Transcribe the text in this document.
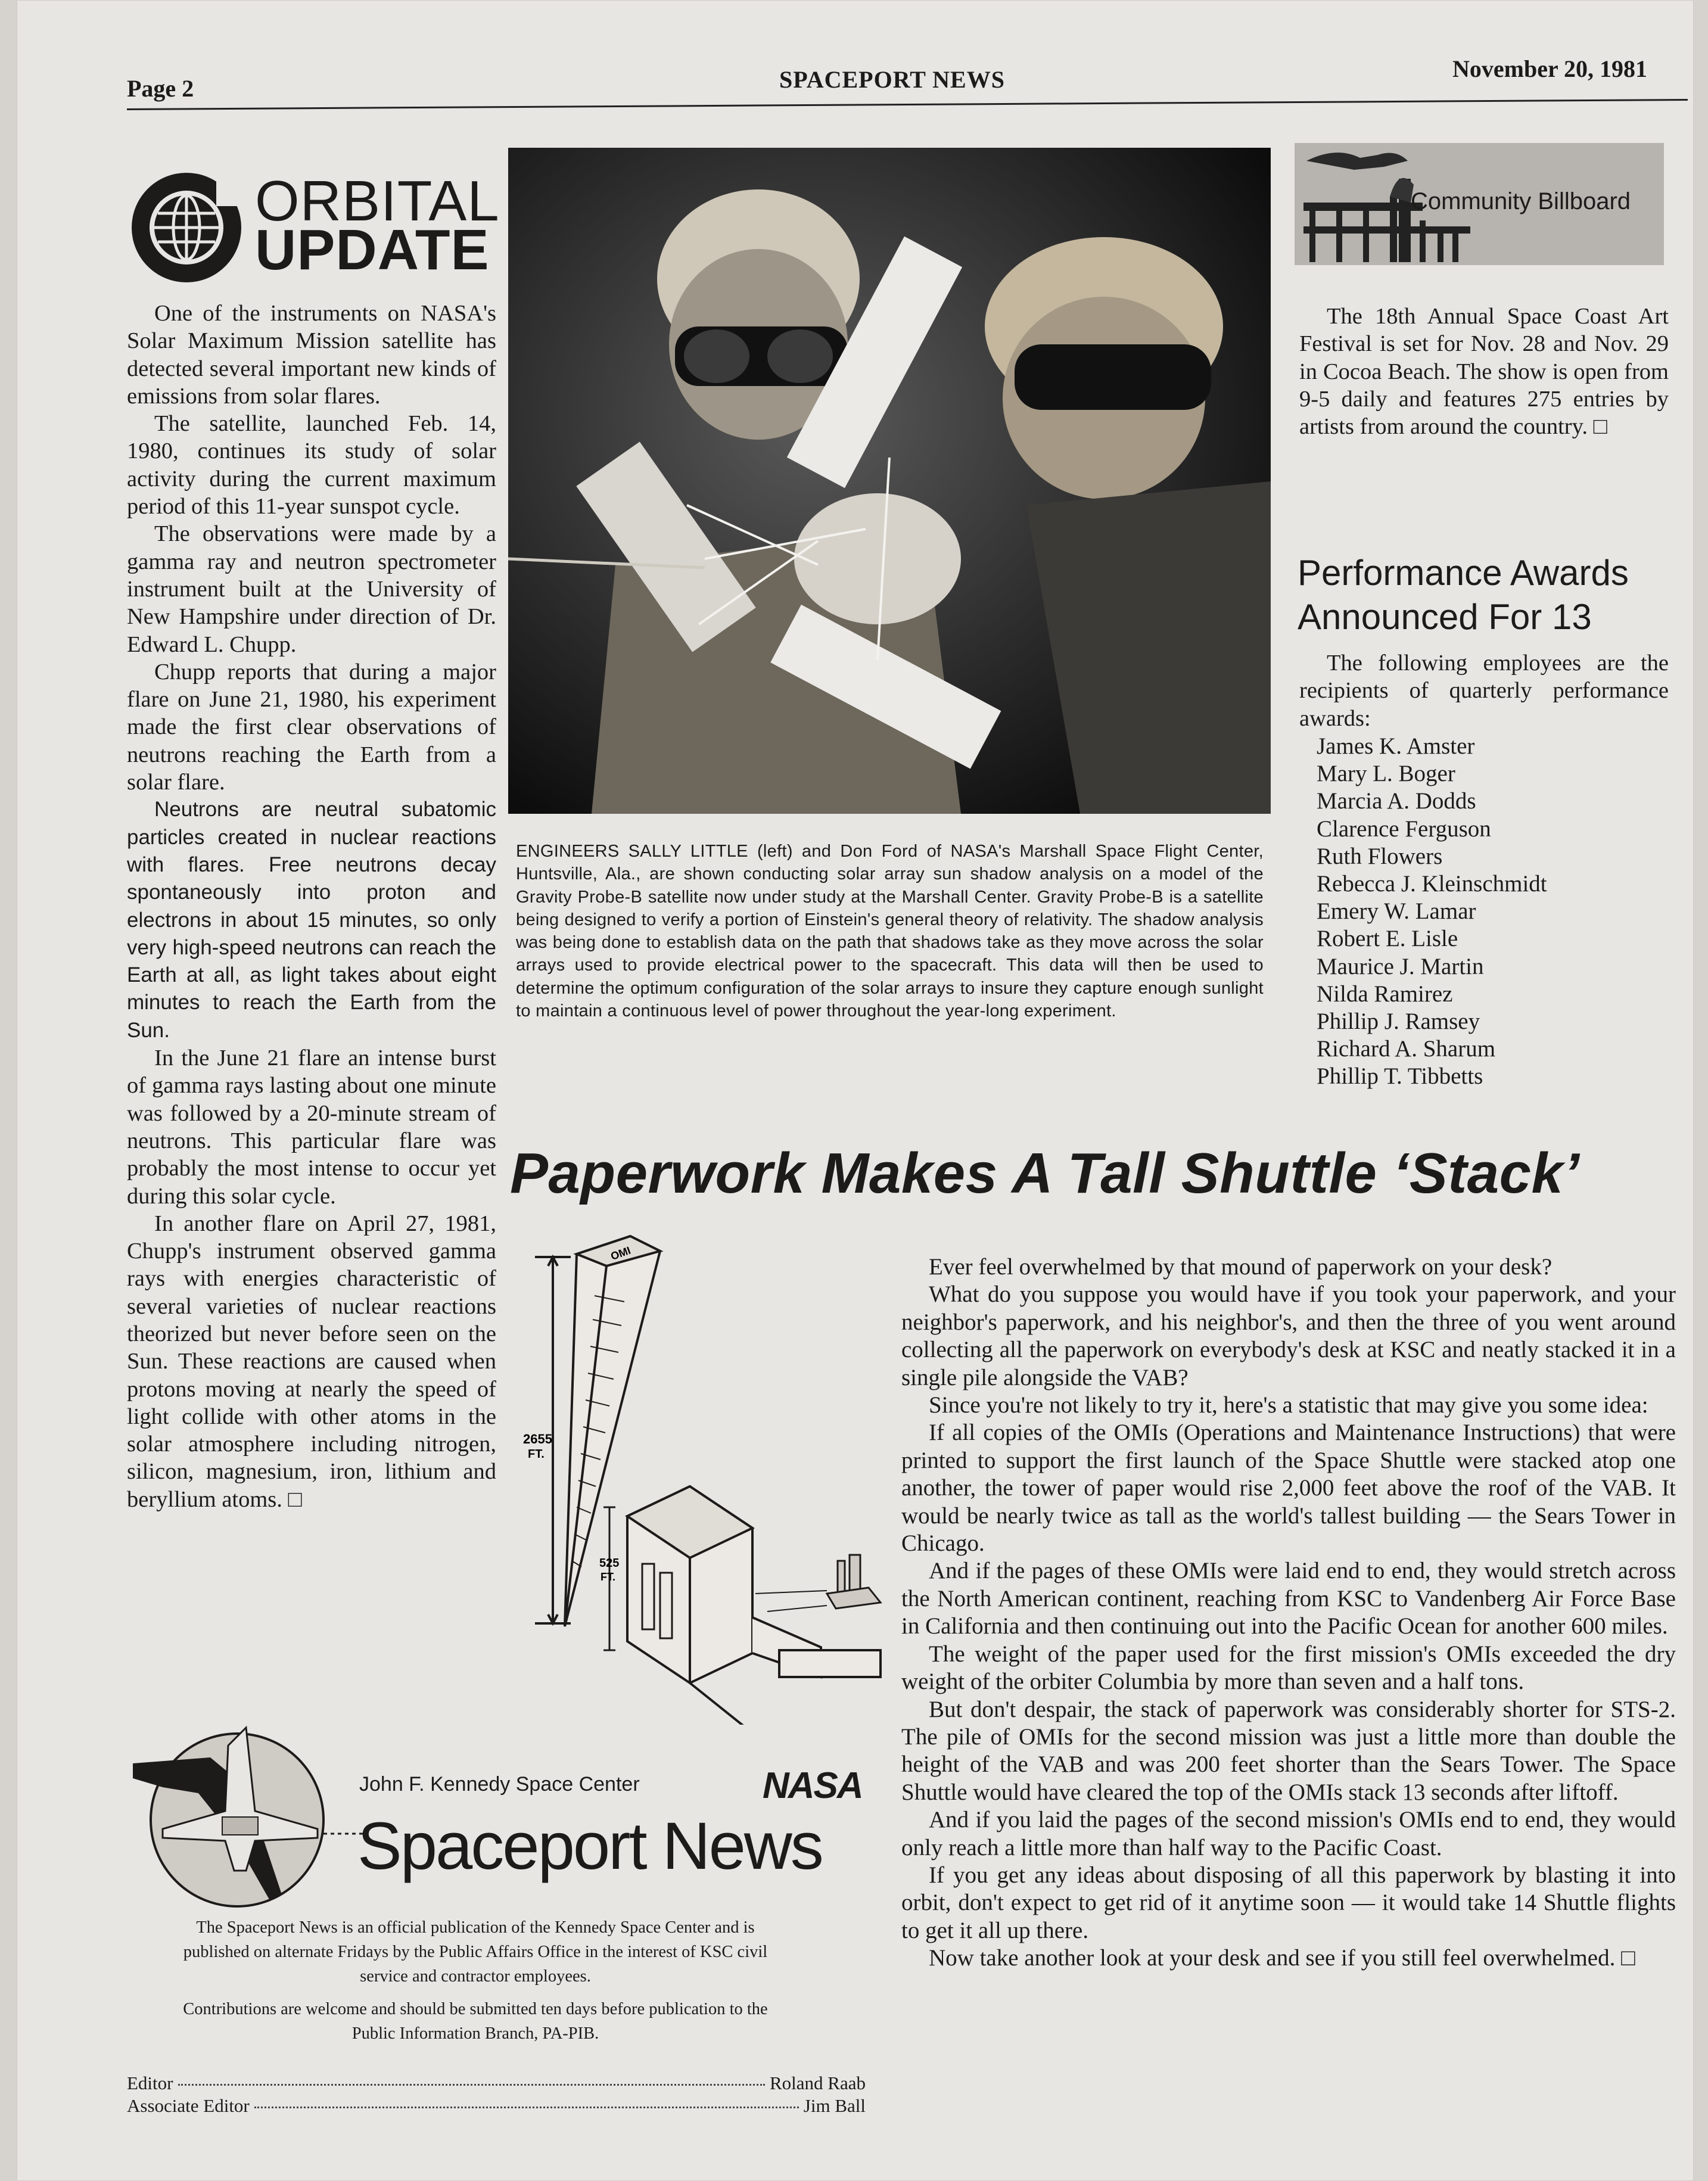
Page 2	SPACEPORT NEWS	November 20, 1981
ORBITAL
UPDATE

One of the instruments on NASA's Solar Maximum Mission satellite has detected several important new kinds of emissions from solar flares.

The satellite, launched Feb. 14, 1980, continues its study of solar activity during the current maximum period of this 11-year sunspot cycle.

The observations were made by a gamma ray and neutron spectrometer instrument built at the University of New Hampshire under direction of Dr. Edward L. Chupp.

Chupp reports that during a major flare on June 21, 1980, his experiment made the first clear observations of neutrons reaching the Earth from a solar flare.

Neutrons are neutral subatomic particles created in nuclear reactions with flares. Free neutrons decay spontaneously into proton and electrons in about 15 minutes, so only very high-speed neutrons can reach the Earth at all, as light takes about eight minutes to reach the Earth from the Sun.

In the June 21 flare an intense burst of gamma rays lasting about one minute was followed by a 20-minute stream of neutrons. This particular flare was probably the most intense to occur yet during this solar cycle.

In another flare on April 27, 1981, Chupp's instrument observed gamma rays with energies characteristic of several varieties of nuclear reactions theorized but never before seen on the Sun. These reactions are caused when protons moving at nearly the speed of light collide with other atoms in the solar atmosphere including nitrogen, silicon, magnesium, iron, lithium and beryllium atoms. □

ENGINEERS SALLY LITTLE (left) and Don Ford of NASA's Marshall Space Flight Center, Huntsville, Ala., are shown conducting solar array sun shadow analysis on a model of the Gravity Probe-B satellite now under study at the Marshall Center. Gravity Probe-B is a satellite being designed to verify a portion of Einstein's general theory of relativity. The shadow analysis was being done to establish data on the path that shadows take as they move across the solar arrays used to provide electrical power to the spacecraft. This data will then be used to determine the optimum configuration of the solar arrays to insure they capture enough sunlight to maintain a continuous level of power throughout the year-long experiment.
Community Billboard

The 18th Annual Space Coast Art Festival is set for Nov. 28 and Nov. 29 in Cocoa Beach. The show is open from 9-5 daily and features 275 entries by artists from around the country. □

Performance Awards
Announced For 13

The following employees are the recipients of quarterly performance awards:

James K. Amster
Mary L. Boger
Marcia A. Dodds
Clarence Ferguson
Ruth Flowers
Rebecca J. Kleinschmidt
Emery W. Lamar
Robert E. Lisle
Maurice J. Martin
Nilda Ramirez
Phillip J. Ramsey
Richard A. Sharum
Phillip T. Tibbetts
Paperwork Makes A Tall Shuttle ‘Stack’
OMI
2655
FT.
525
FT.

Ever feel overwhelmed by that mound of paperwork on your desk?

What do you suppose you would have if you took your paperwork, and your neighbor's paperwork, and his neighbor's, and then the three of you went around collecting all the paperwork on everybody's desk at KSC and neatly stacked it in a single pile alongside the VAB?

Since you're not likely to try it, here's a statistic that may give you some idea:

If all copies of the OMIs (Operations and Maintenance Instructions) that were printed to support the first launch of the Space Shuttle were stacked atop one another, the tower of paper would rise 2,000 feet above the roof of the VAB. It would be nearly twice as tall as the world's tallest building — the Sears Tower in Chicago.

And if the pages of these OMIs were laid end to end, they would stretch across the North American continent, reaching from KSC to Vandenberg Air Force Base in California and then continuing out into the Pacific Ocean for another 600 miles.

The weight of the paper used for the first mission's OMIs exceeded the dry weight of the orbiter Columbia by more than seven and a half tons.

But don't despair, the stack of paperwork was considerably shorter for STS-2. The pile of OMIs for the second mission was just a little more than double the height of the VAB and was 200 feet shorter than the Sears Tower. The Space Shuttle would have cleared the top of the OMIs stack 13 seconds after liftoff.

And if you laid the pages of the second mission's OMIs end to end, they would only reach a little more than half way to the Pacific Coast.

If you get any ideas about disposing of all this paperwork by blasting it into orbit, don't expect to get rid of it anytime soon — it would take 14 Shuttle flights to get it all up there.

Now take another look at your desk and see if you still feel overwhelmed. □

John F. Kennedy Space Center	NASA
Spaceport News

The Spaceport News is an official publication of the Kennedy Space Center and is published on alternate Fridays by the Public Affairs Office in the interest of KSC civil service and contractor employees.

Contributions are welcome and should be submitted ten days before publication to the Public Information Branch, PA-PIB.

Editor	Roland Raab
Associate Editor	Jim Ball
